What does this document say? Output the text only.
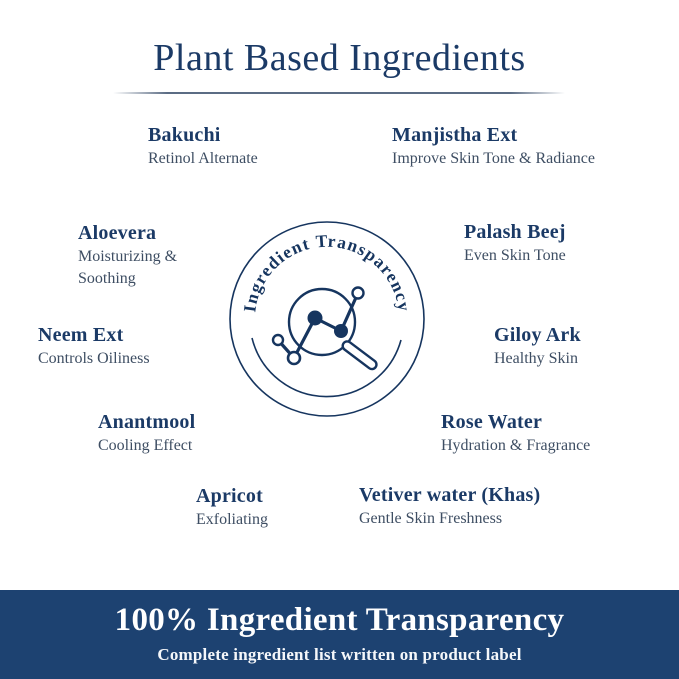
Plant Based Ingredients
Bakuchi
Retinol Alternate
Manjistha Ext
Improve Skin Tone & Radiance
Aloevera
Moisturizing & Soothing
Palash Beej
Even Skin Tone
Neem Ext
Controls Oiliness
Giloy Ark
Healthy Skin
Anantmool
Cooling Effect
Rose Water
Hydration & Fragrance
Apricot
Exfoliating
Vetiver water (Khas)
Gentle Skin Freshness
Ingredient Transparency
100% Ingredient Transparency
Complete ingredient list written on product label
